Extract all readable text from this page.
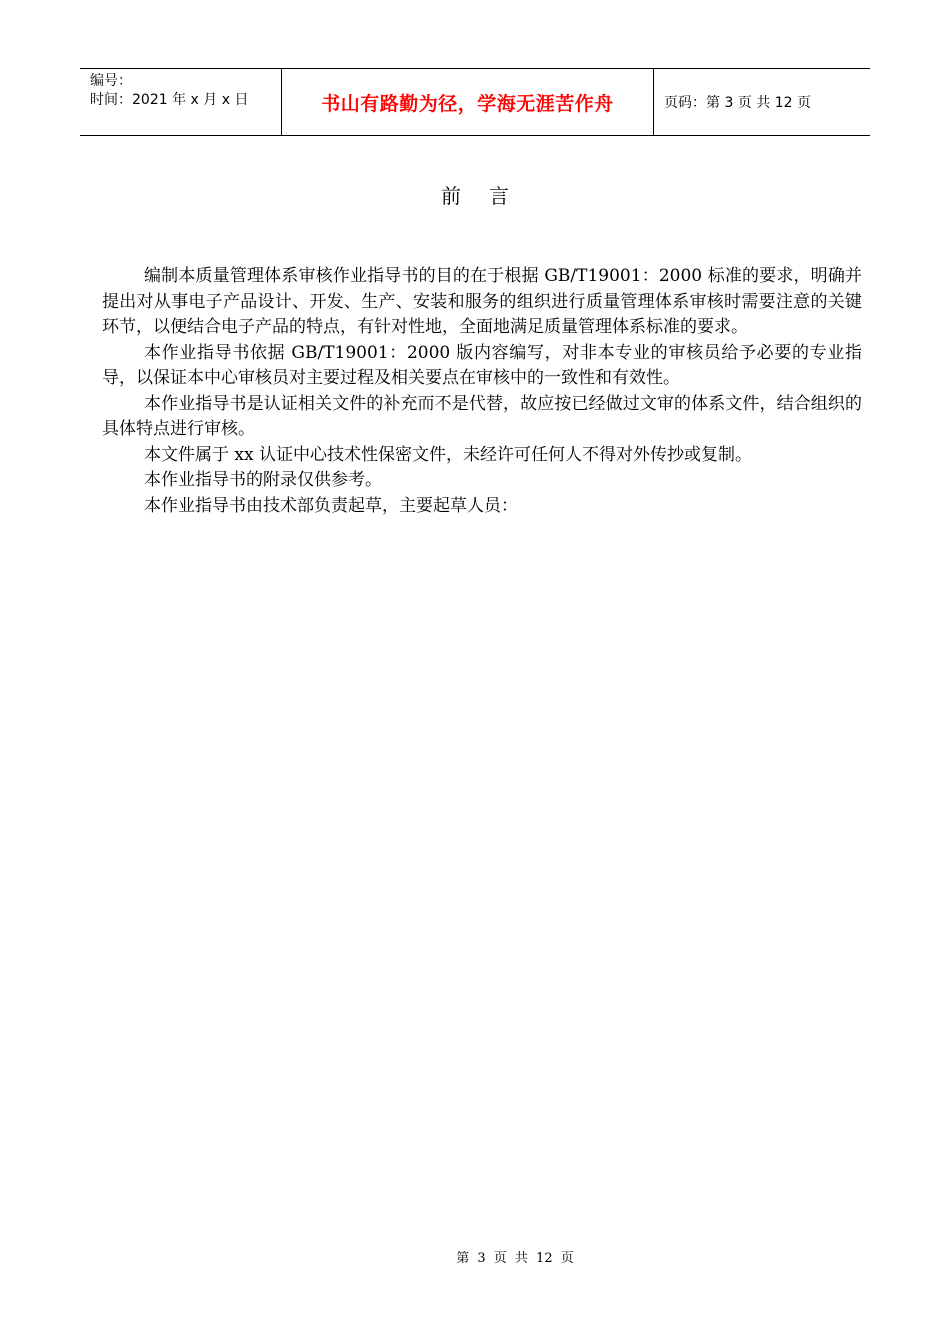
编号：
时间：2021 年 x 月 x 日	书山有路勤为径，学海无涯苦作舟	页码：第 3 页 共 12 页
前言

编制本质量管理体系审核作业指导书的目的在于根据 GB/T19001：2000 标准的要求，明确并提出对从事电子产品设计、开发、生产、安装和服务的组织进行质量管理体系审核时需要注意的关键环节，以便结合电子产品的特点，有针对性地，全面地满足质量管理体系标准的要求。

本作业指导书依据 GB/T19001：2000 版内容编写，对非本专业的审核员给予必要的专业指导，以保证本中心审核员对主要过程及相关要点在审核中的一致性和有效性。

本作业指导书是认证相关文件的补充而不是代替，故应按已经做过文审的体系文件，结合组织的具体特点进行审核。

本文件属于 xx 认证中心技术性保密文件，未经许可任何人不得对外传抄或复制。

本作业指导书的附录仅供参考。

本作业指导书由技术部负责起草，主要起草人员：

第 3 页 共 12 页
